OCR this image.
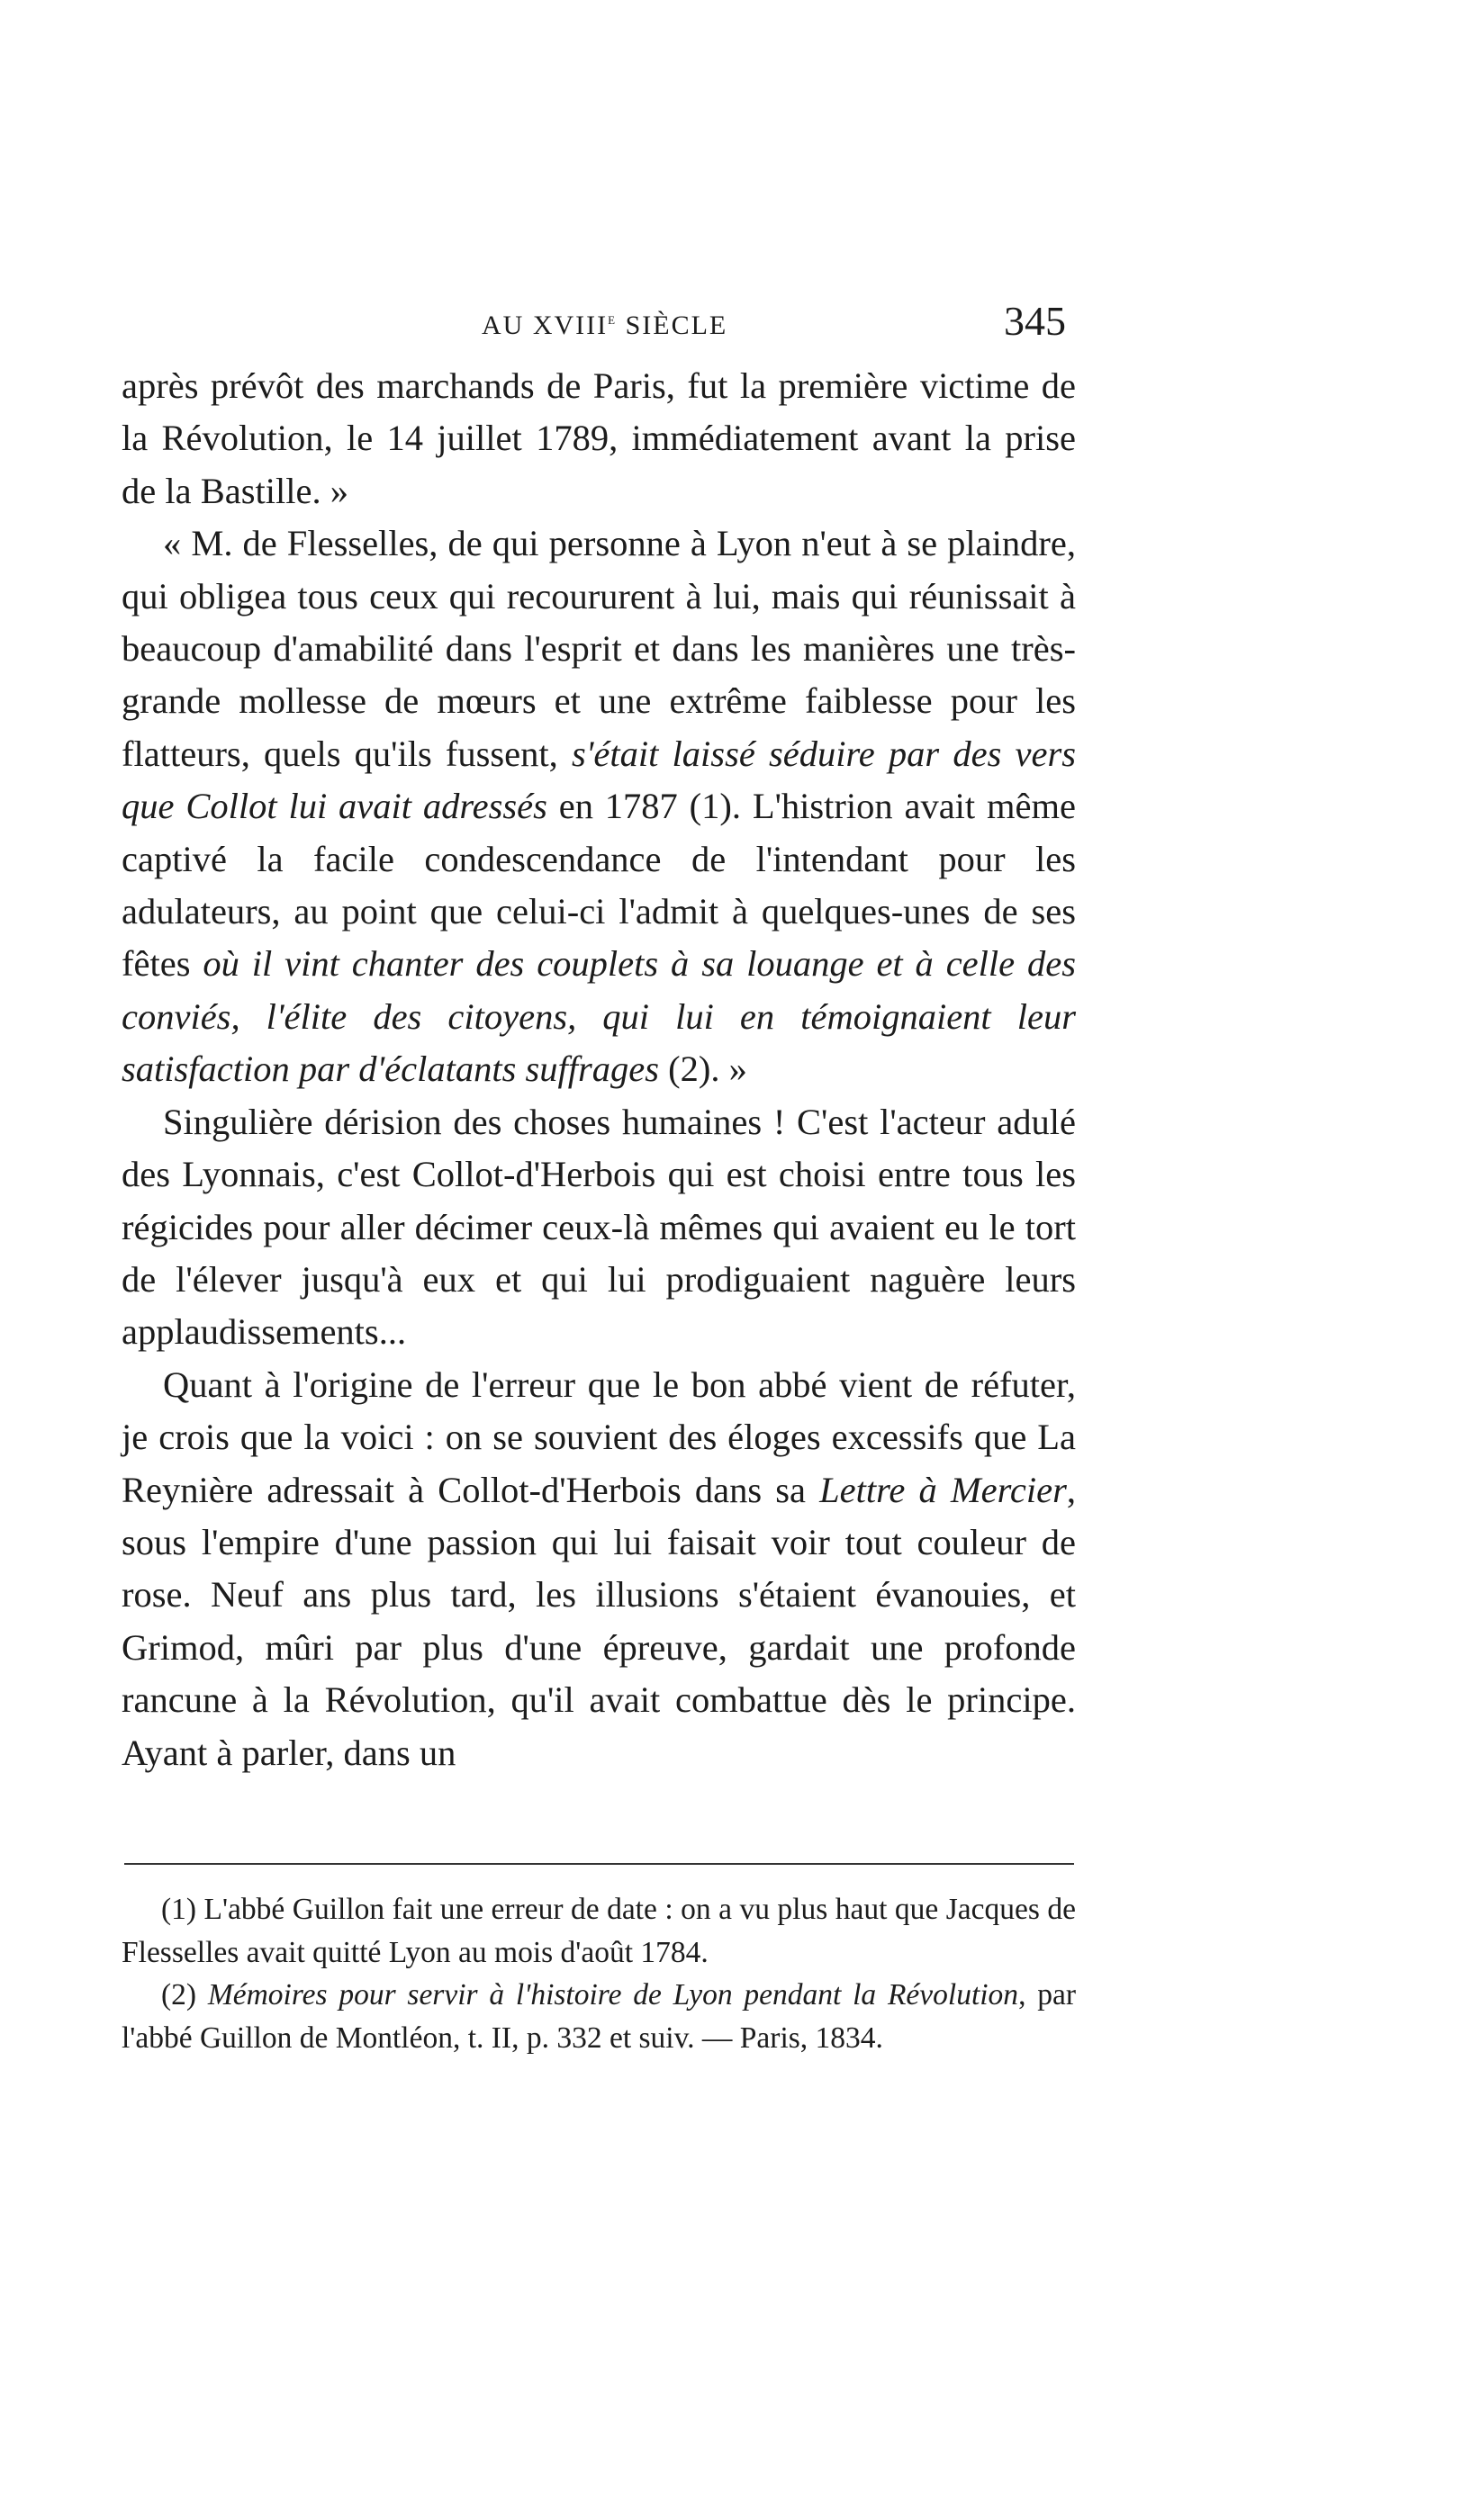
AU XVIIIe SIÈCLE	345

après prévôt des marchands de Paris, fut la première victime de la Révolution, le 14 juillet 1789, immédiatement avant la prise de la Bastille. »

« M. de Flesselles, de qui personne à Lyon n'eut à se plaindre, qui obligea tous ceux qui recoururent à lui, mais qui réunissait à beaucoup d'amabilité dans l'esprit et dans les manières une très-grande mollesse de mœurs et une extrême faiblesse pour les flatteurs, quels qu'ils fussent, s'était laissé séduire par des vers que Collot lui avait adressés en 1787 (1). L'histrion avait même captivé la facile condescendance de l'intendant pour les adulateurs, au point que celui-ci l'admit à quelques-unes de ses fêtes où il vint chanter des couplets à sa louange et à celle des conviés, l'élite des citoyens, qui lui en témoignaient leur satisfaction par d'éclatants suffrages (2). »

Singulière dérision des choses humaines ! C'est l'acteur adulé des Lyonnais, c'est Collot-d'Herbois qui est choisi entre tous les régicides pour aller décimer ceux-là mêmes qui avaient eu le tort de l'élever jusqu'à eux et qui lui prodiguaient naguère leurs applaudissements...

Quant à l'origine de l'erreur que le bon abbé vient de réfuter, je crois que la voici : on se souvient des éloges excessifs que La Reynière adressait à Collot-d'Herbois dans sa Lettre à Mercier, sous l'empire d'une passion qui lui faisait voir tout couleur de rose. Neuf ans plus tard, les illusions s'étaient évanouies, et Grimod, mûri par plus d'une épreuve, gardait une profonde rancune à la Révolution, qu'il avait combattue dès le principe. Ayant à parler, dans un

(1) L'abbé Guillon fait une erreur de date : on a vu plus haut que Jacques de Flesselles avait quitté Lyon au mois d'août 1784.

(2) Mémoires pour servir à l'histoire de Lyon pendant la Révolution, par l'abbé Guillon de Montléon, t. II, p. 332 et suiv. — Paris, 1834.
